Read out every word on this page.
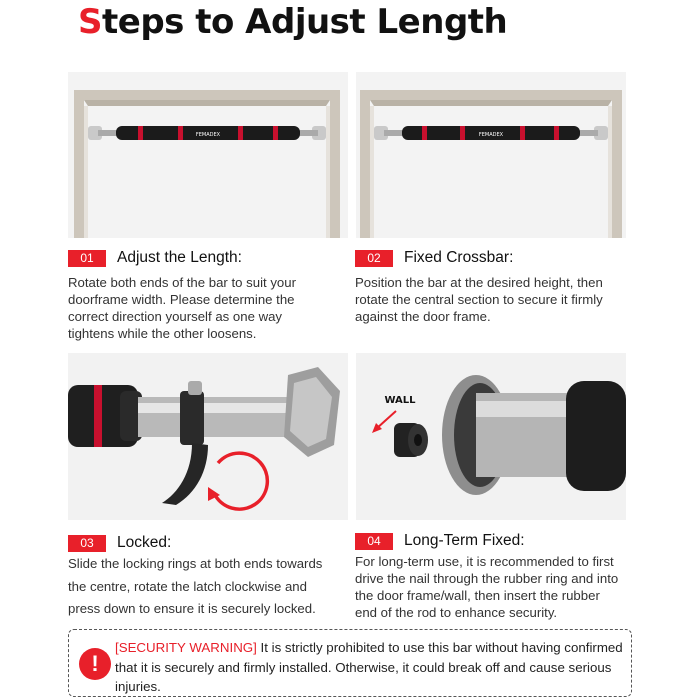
Steps to Adjust Length
FEMADEX	FEMADEX
01	Adjust the Length:
Rotate both ends of the bar to suit your
doorframe width. Please determine the
correct direction yourself as one way
tightens while the other loosens.
02	Fixed Crossbar:
Position the bar at the desired height, then
rotate the central section to secure it firmly
against the door frame.
WALL
03	Locked:
Slide the locking rings at both ends towards
the centre, rotate the latch clockwise and
press down to ensure it is securely locked.
04	Long-Term Fixed:
For long-term use, it is recommended to first
drive the nail through the rubber ring and into
the door frame/wall, then insert the rubber
end of the rod to enhance security.
!
[SECURITY WARNING] It is strictly prohibited to use this bar without having confirmed that it is securely and firmly installed. Otherwise, it could break off and cause serious injuries.
